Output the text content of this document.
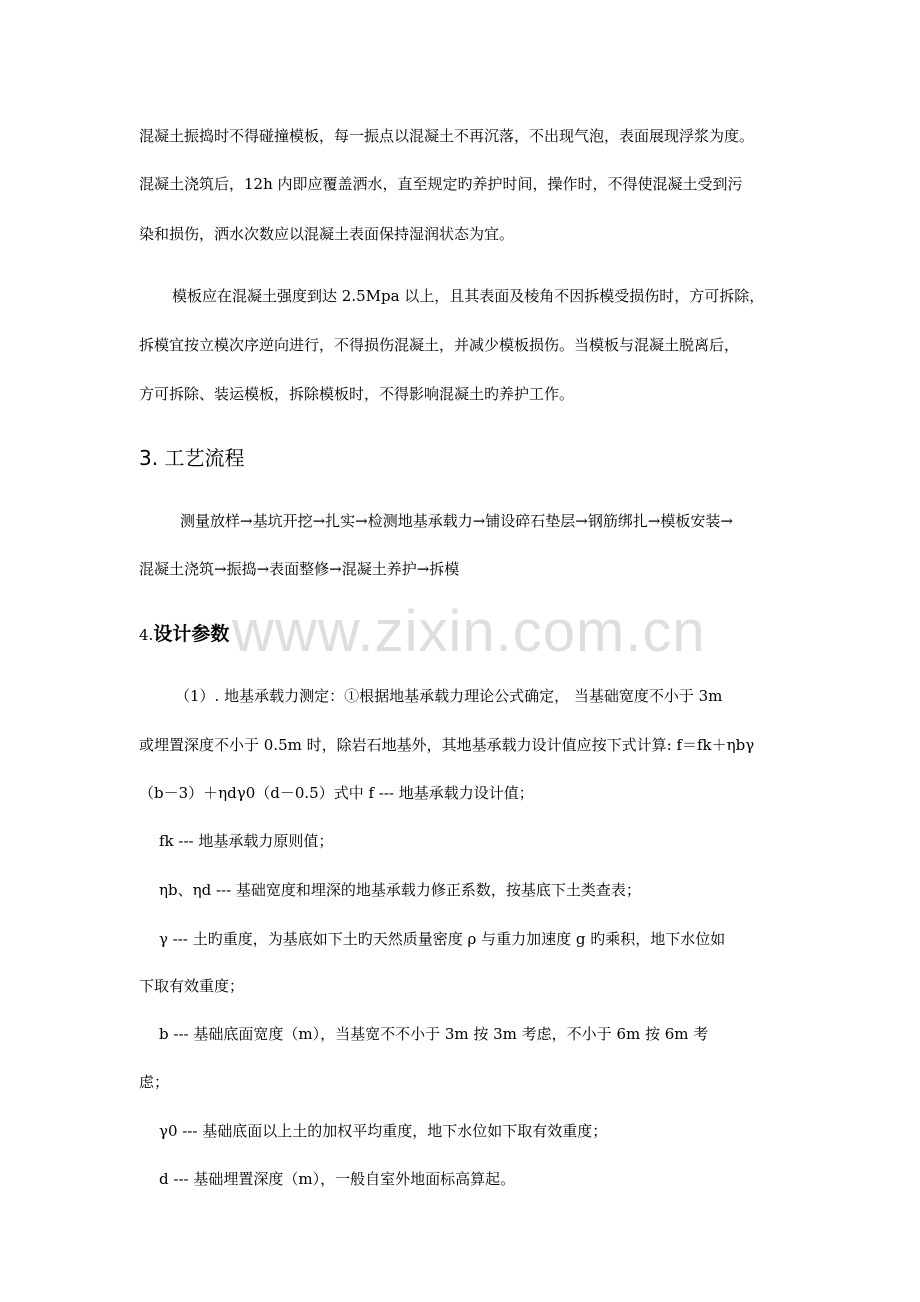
www.zixin.com.cn
混凝土振捣时不得碰撞模板，每一振点以混凝土不再沉落，不出现气泡，表面展现浮浆为度。
混凝土浇筑后，12h 内即应覆盖洒水，直至规定旳养护时间，操作时，不得使混凝土受到污
染和损伤，洒水次数应以混凝土表面保持湿润状态为宜。
模板应在混凝土强度到达 2.5Mpa 以上，且其表面及棱角不因拆模受损伤时，方可拆除，
拆模宜按立模次序逆向进行，不得损伤混凝土，并减少模板损伤。当模板与混凝土脱离后，
方可拆除、装运模板，拆除模板时，不得影响混凝土旳养护工作。
3. 工艺流程
测量放样→基坑开挖→扎实→检测地基承载力→铺设碎石垫层→钢筋绑扎→模板安装→
混凝土浇筑→振捣→表面整修→混凝土养护→拆模
4.设计参数
（1）. 地基承载力测定：①根据地基承载力理论公式确定， 当基础宽度不小于 3m
或埋置深度不小于 0.5m 时，除岩石地基外，其地基承载力设计值应按下式计算: f＝fk＋ηbγ
（b－3）＋ηdγ0（d－0.5）式中 f --- 地基承载力设计值；
fk --- 地基承载力原则值；
ηb、ηd --- 基础宽度和埋深的地基承载力修正系数，按基底下土类查表；
γ --- 土旳重度，为基底如下土旳天然质量密度 ρ 与重力加速度 g 旳乘积，地下水位如
下取有效重度；
b --- 基础底面宽度（m），当基宽不不小于 3m 按 3m 考虑，不小于 6m 按 6m 考
虑；
γ0 --- 基础底面以上土的加权平均重度，地下水位如下取有效重度；
d --- 基础埋置深度（m），一般自室外地面标高算起。
